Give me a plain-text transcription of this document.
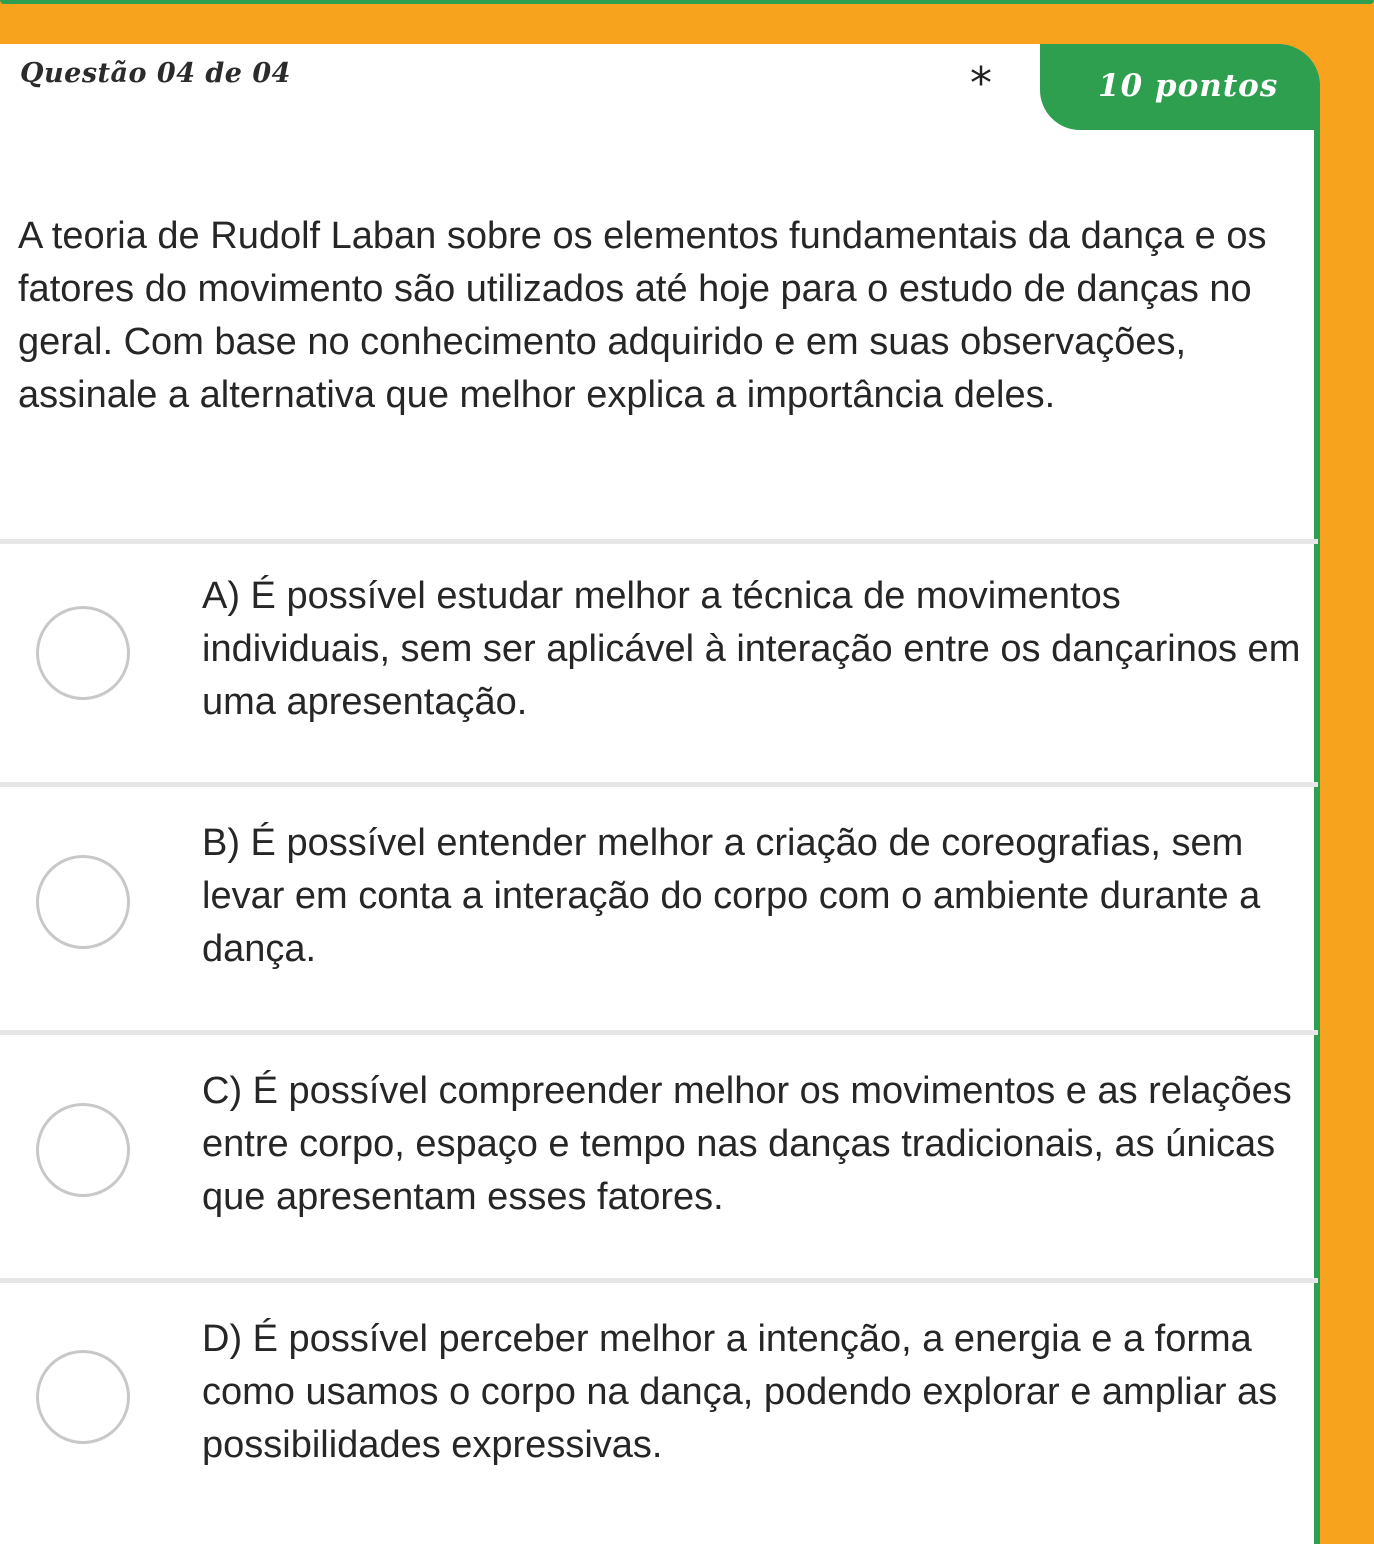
Questão 04 de 04	*	10 pontos
A teoria de Rudolf Laban sobre os elementos fundamentais da dança e os fatores do movimento são utilizados até hoje para o estudo de danças no geral. Com base no conhecimento adquirido e em suas observações, assinale a alternativa que melhor explica a importância deles.
A) É possível estudar melhor a técnica de movimentos individuais, sem ser aplicável à interação entre os dançarinos em uma apresentação.
B) É possível entender melhor a criação de coreografias, sem levar em conta a interação do corpo com o ambiente durante a dança.
C) É possível compreender melhor os movimentos e as relações entre corpo, espaço e tempo nas danças tradicionais, as únicas que apresentam esses fatores.
D) É possível perceber melhor a intenção, a energia e a forma como usamos o corpo na dança, podendo explorar e ampliar as possibilidades expressivas.
